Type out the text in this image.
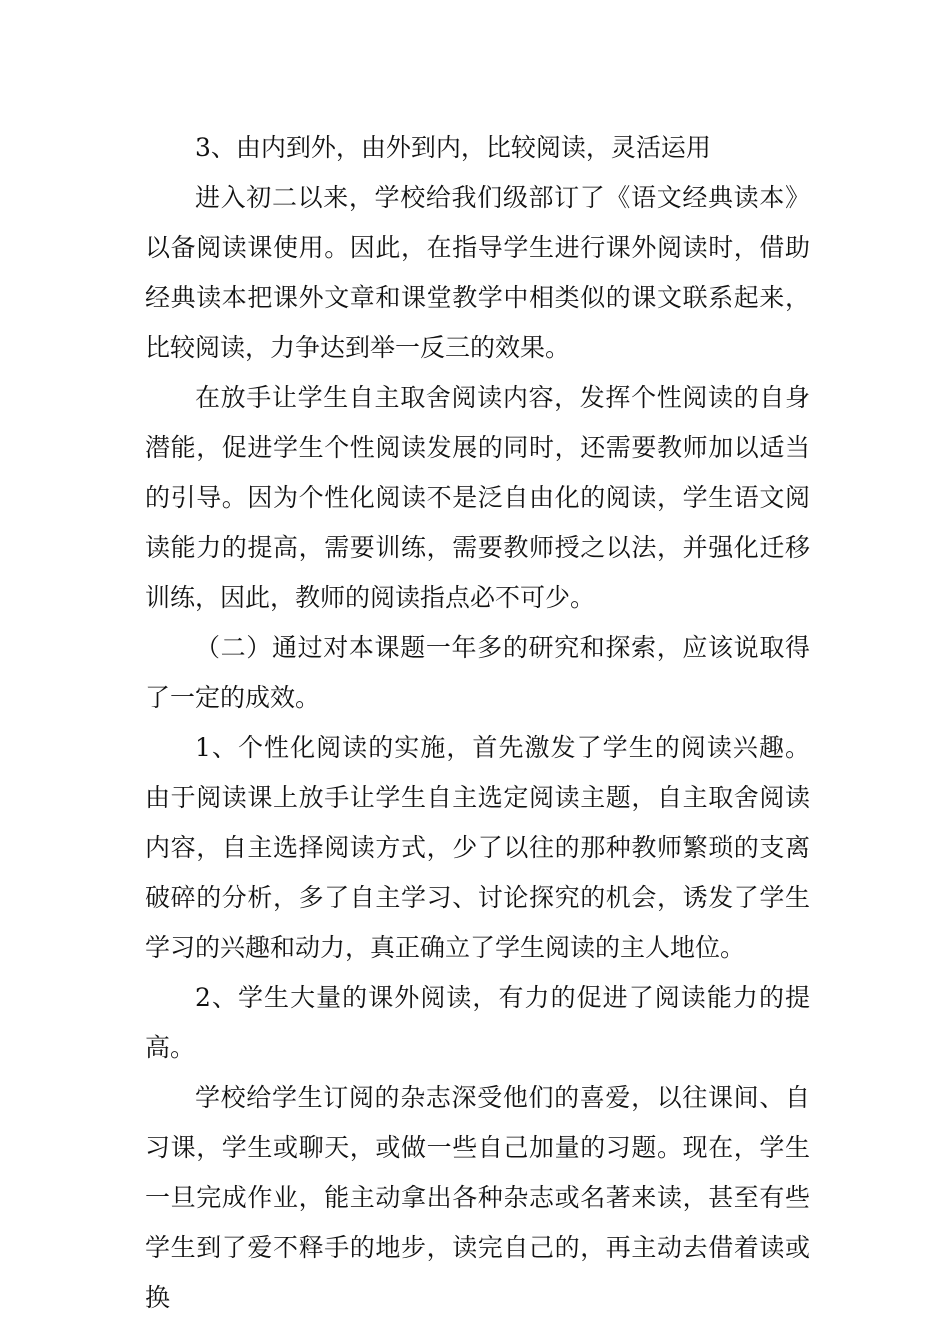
3、由内到外，由外到内，比较阅读，灵活运用

进入初二以来，学校给我们级部订了《语文经典读本》以备阅读课使用。因此，在指导学生进行课外阅读时，借助经典读本把课外文章和课堂教学中相类似的课文联系起来，比较阅读，力争达到举一反三的效果。

在放手让学生自主取舍阅读内容，发挥个性阅读的自身潜能，促进学生个性阅读发展的同时，还需要教师加以适当的引导。因为个性化阅读不是泛自由化的阅读，学生语文阅读能力的提高，需要训练，需要教师授之以法，并强化迁移训练，因此，教师的阅读指点必不可少。

（二）通过对本课题一年多的研究和探索，应该说取得了一定的成效。

1、个性化阅读的实施，首先激发了学生的阅读兴趣。由于阅读课上放手让学生自主选定阅读主题，自主取舍阅读内容，自主选择阅读方式，少了以往的那种教师繁琐的支离破碎的分析，多了自主学习、讨论探究的机会，诱发了学生学习的兴趣和动力，真正确立了学生阅读的主人地位。

2、学生大量的课外阅读，有力的促进了阅读能力的提高。

学校给学生订阅的杂志深受他们的喜爱，以往课间、自习课，学生或聊天，或做一些自己加量的习题。现在，学生一旦完成作业，能主动拿出各种杂志或名著来读，甚至有些学生到了爱不释手的地步，读完自己的，再主动去借着读或换
